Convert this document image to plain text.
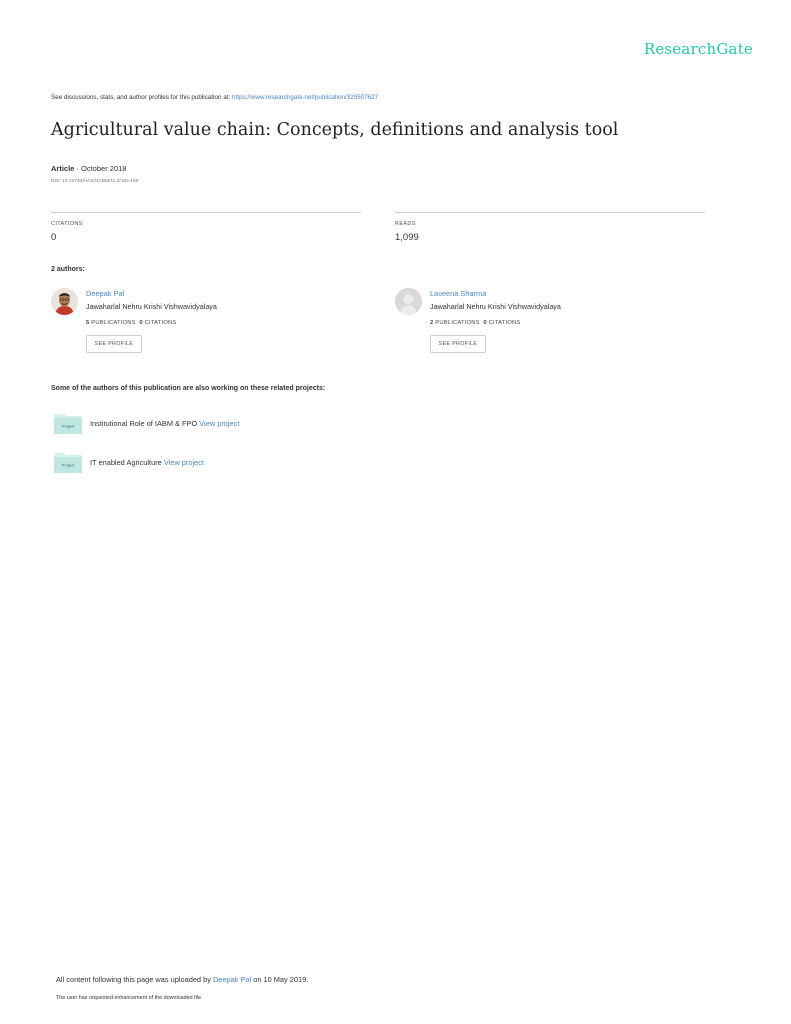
ResearchGate
See discussions, stats, and author profiles for this publication at: https://www.researchgate.net/publication/329507627
Agricultural value chain: Concepts, definitions and analysis tool
Article · October 2018
DOI: 10.15740/HAS/IJCBM/11.2/184-190
CITATIONS
0
READS
1,099
2 authors:
Deepak Pal
Jawaharlal Nehru Krishi Vishwavidyalaya
5 PUBLICATIONS 0 CITATIONS
SEE PROFILE
Laveena Sharma
Jawaharlal Nehru Krishi Vishwavidyalaya
2 PUBLICATIONS 0 CITATIONS
SEE PROFILE
Some of the authors of this publication are also working on these related projects:
Project Institutional Role of IABM & FPO View project
Project IT enabled Agriculture View project
All content following this page was uploaded by Deepak Pal on 10 May 2019.
The user has requested enhancement of the downloaded file.
